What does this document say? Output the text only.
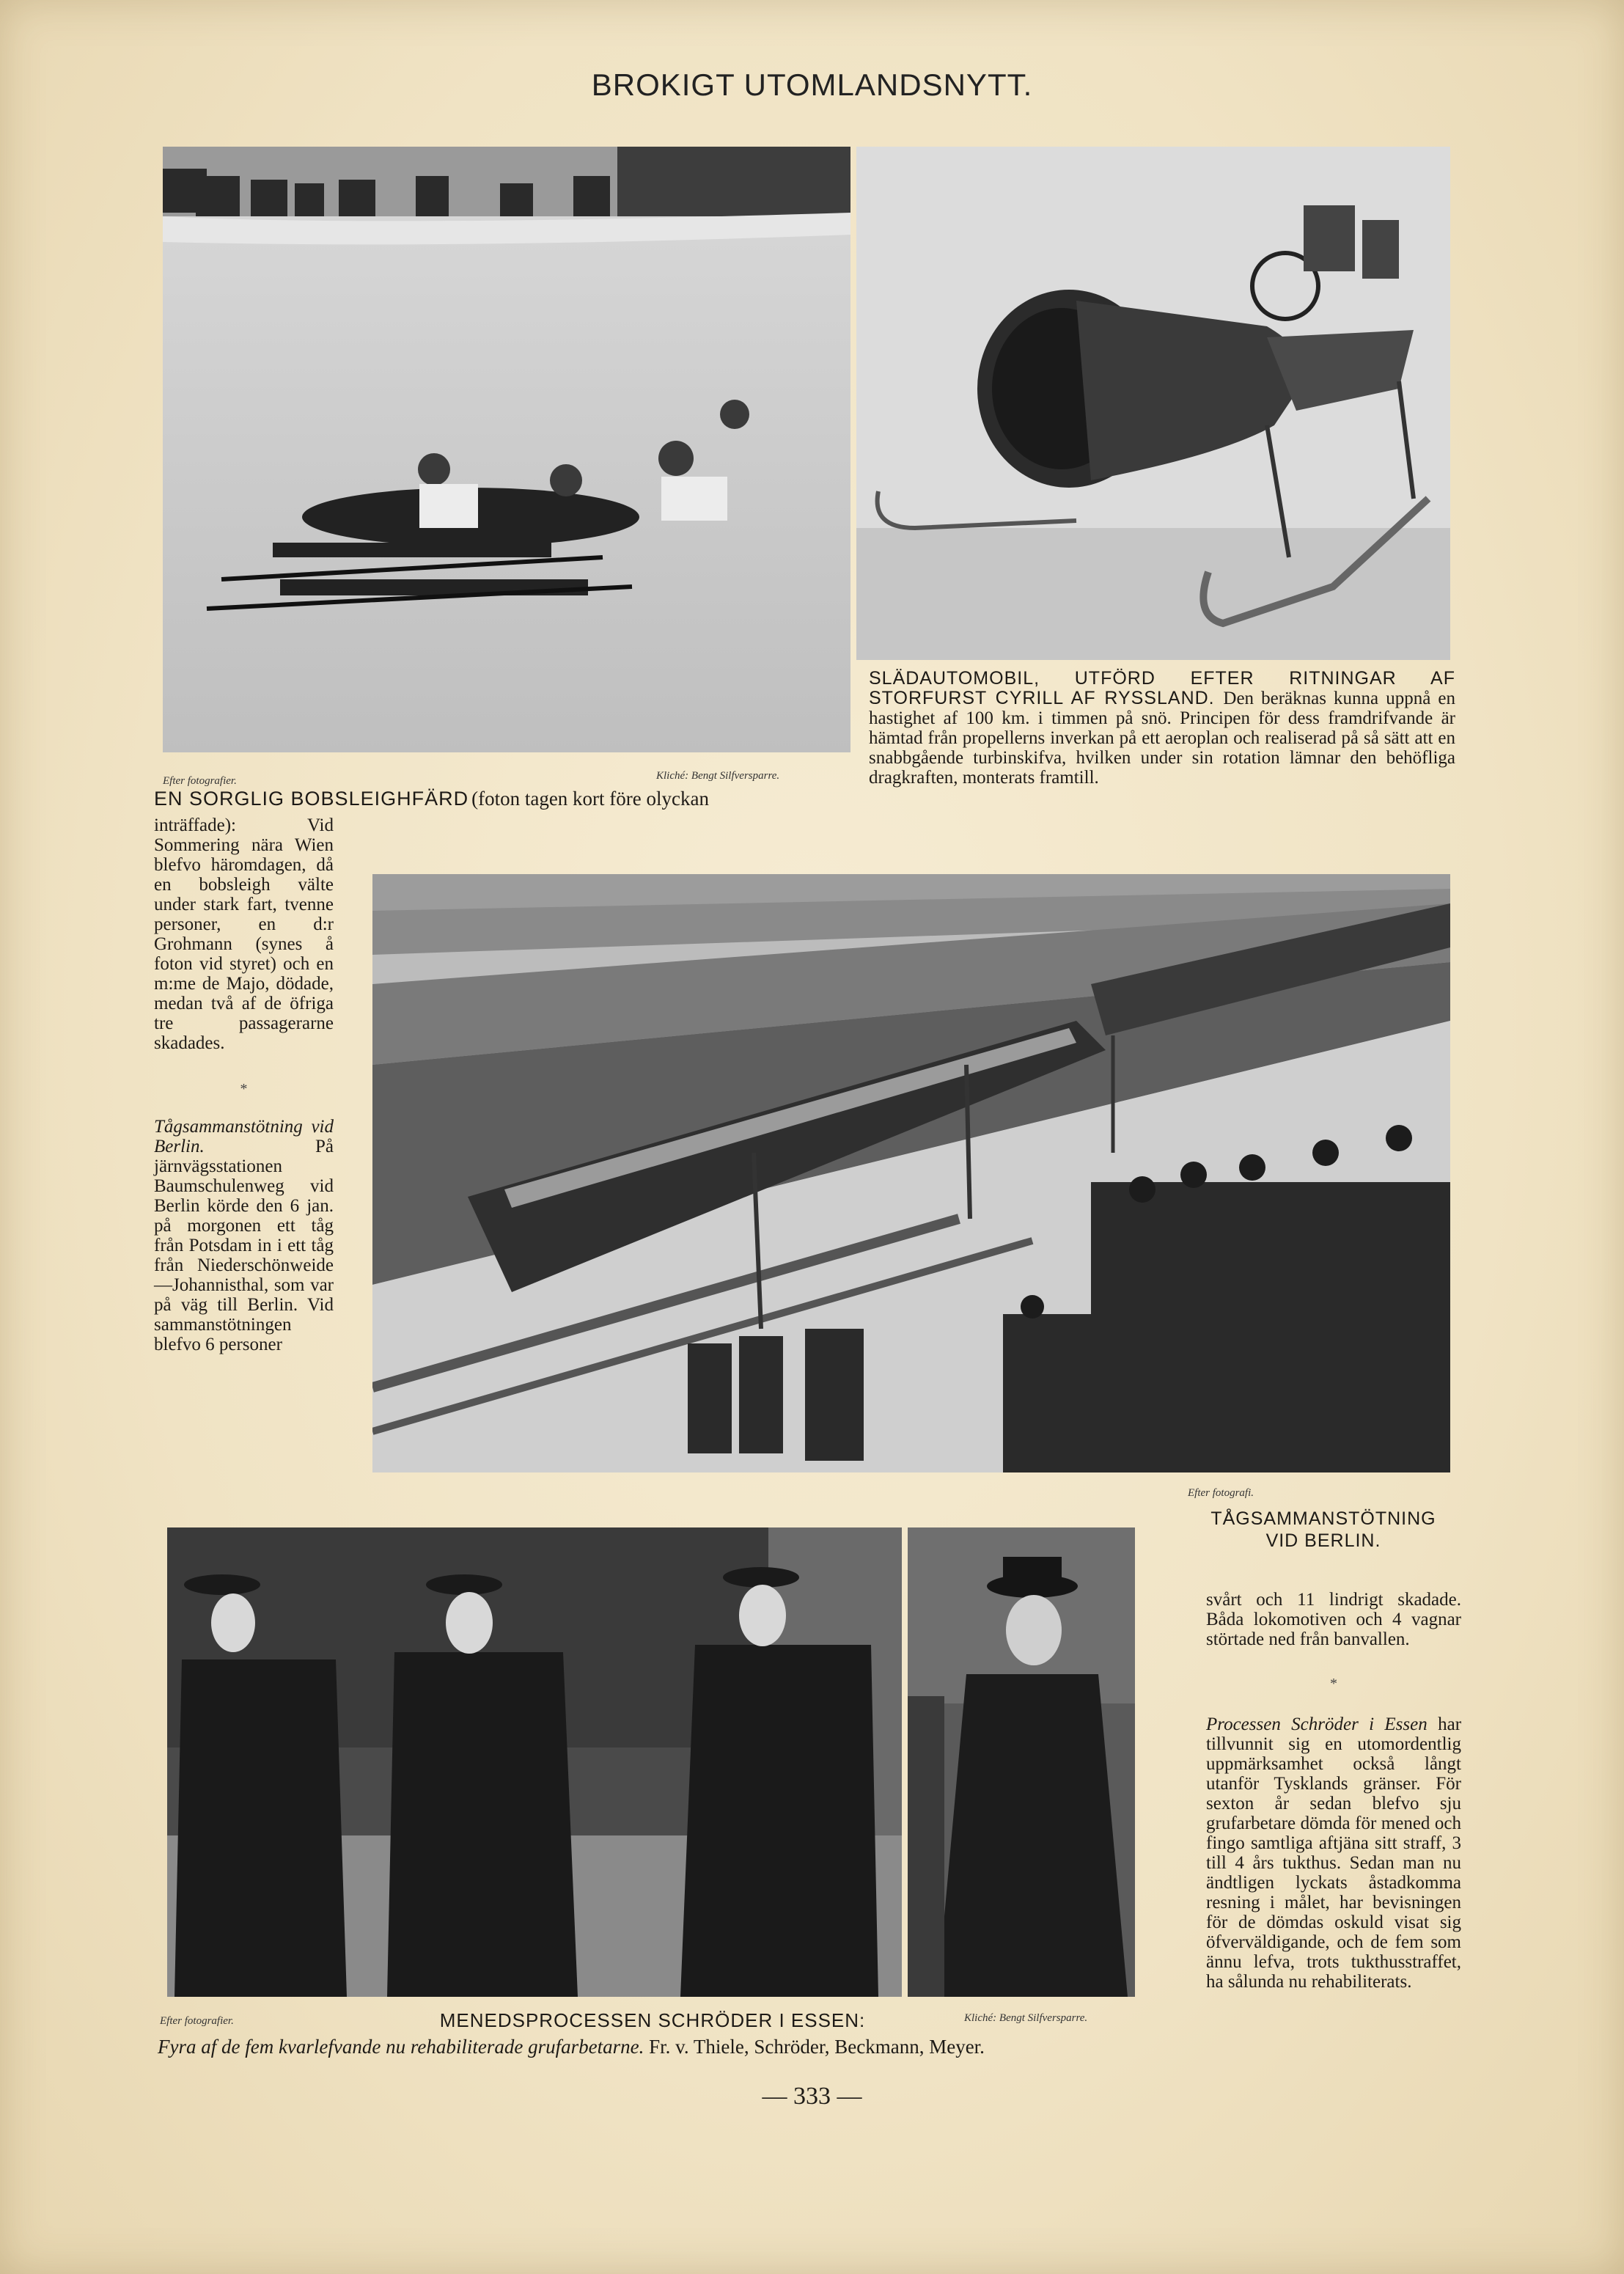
BROKIGT UTOMLANDSNYTT.
SLÄDAUTOMOBIL, UTFÖRD EFTER RITNINGAR AF STORFURST CYRILL AF RYSSLAND. Den beräknas kunna uppnå en hastighet af 100 km. i timmen på snö. Principen för dess framdrifvande är hämtad från propellerns inverkan på ett aeroplan och realiserad på så sätt att en snabbgående turbinskifva, hvilken under sin rotation lämnar den behöfliga dragkraften, monterats framtill.
Efter fotografier.	Kliché: Bengt Silfversparre.
EN SORGLIG BOBSLEIGHFÄRD (foton tagen kort före olyckan

inträffade): Vid Sommering nära Wien blefvo häromdagen, då en bobsleigh välte under stark fart, tvenne personer, en d:r Grohmann (synes å foton vid styret) och en m:me de Majo, dödade, medan två af de öfriga tre passagerarne skadades.

*

Tågsammanstötning vid Berlin.	På järnvägsstationen Baumschulenweg vid Berlin körde den 6 jan. på morgonen ett tåg från Potsdam in i ett tåg från Niederschönweide —Johannisthal, som var på väg till Berlin. Vid sammanstötningen blefvo 6 personer

Efter fotografi.
TÅGSAMMANSTÖTNING
VID BERLIN.

svårt och 11 lindrigt skadade. Båda lokomotiven och 4 vagnar störtade ned från banvallen.

*

Processen Schröder i Essen har tillvunnit sig en utomordentlig uppmärksamhet också långt utanför Tysklands gränser. För sexton år sedan blefvo sju grufarbetare dömda för mened och fingo samtliga aftjäna sitt straff, 3 till 4 års tukthus. Sedan man nu ändtligen lyckats åstadkomma resning i målet, har bevisningen för de dömdas oskuld visat sig öfverväldigande, och de fem som ännu lefva, trots tukthusstraffet, ha sålunda nu rehabiliterats.

Efter fotografier.	Kliché: Bengt Silfversparre.
MENEDSPROCESSEN SCHRÖDER I ESSEN:
Fyra af de fem kvarlefvande nu rehabiliterade grufarbetarne. Fr. v. Thiele, Schröder, Beckmann, Meyer.
— 333 —
